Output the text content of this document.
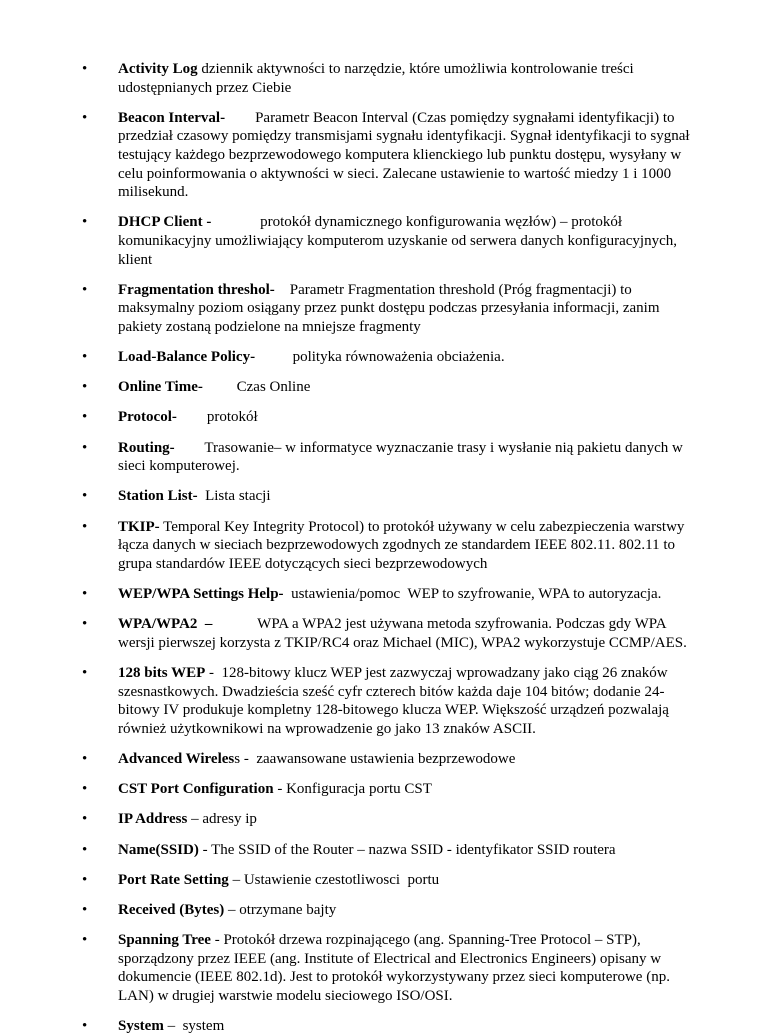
•	Activity Log dziennik aktywności to narzędzie, które umożliwia kontrolowanie treści udostępnianych przez Ciebie
•	Beacon Interval-        Parametr Beacon Interval (Czas pomiędzy sygnałami identyfikacji) to przedział czasowy pomiędzy transmisjami sygnału identyfikacji. Sygnał identyfikacji to sygnał testujący każdego bezprzewodowego komputera klienckiego lub punktu dostępu, wysyłany w celu poinformowania o aktywności w sieci. Zalecane ustawienie to wartość miedzy 1 i 1000 milisekund.
•	DHCP Client -             protokół dynamicznego konfigurowania węzłów) – protokół komunikacyjny umożliwiający komputerom uzyskanie od serwera danych konfiguracyjnych, klient
•	Fragmentation threshol-    Parametr Fragmentation threshold (Próg fragmentacji) to maksymalny poziom osiągany przez punkt dostępu podczas przesyłania informacji, zanim pakiety zostaną podzielone na mniejsze fragmenty
•	Load-Balance Policy-          polityka równoważenia obciażenia.
•	Online Time-         Czas Online
•	Protocol-        protokół
•	Routing-        Trasowanie– w informatyce wyznaczanie trasy i wysłanie nią pakietu danych w sieci komputerowej.
•	Station List-  Lista stacji
•	TKIP- Temporal Key Integrity Protocol) to protokół używany w celu zabezpieczenia warstwy łącza danych w sieciach bezprzewodowych zgodnych ze standardem IEEE 802.11. 802.11 to grupa standardów IEEE dotyczących sieci bezprzewodowych
•	WEP/WPA Settings Help-  ustawienia/pomoc  WEP to szyfrowanie, WPA to autoryzacja.
•	WPA/WPA2  –            WPA a WPA2 jest używana metoda szyfrowania. Podczas gdy WPA wersji pierwszej korzysta z TKIP/RC4 oraz Michael (MIC), WPA2 wykorzystuje CCMP/AES.
•	128 bits WEP -  128-bitowy klucz WEP jest zazwyczaj wprowadzany jako ciąg 26 znaków szesnastkowych. Dwadzieścia sześć cyfr czterech bitów każda daje 104 bitów; dodanie 24-bitowy IV produkuje kompletny 128-bitowego klucza WEP. Większość urządzeń pozwalają również użytkownikowi na wprowadzenie go jako 13 znaków ASCII.
•	Advanced Wireless -  zaawansowane ustawienia bezprzewodowe
•	CST Port Configuration - Konfiguracja portu CST
•	IP Address – adresy ip
•	Name(SSID) - The SSID of the Router – nazwa SSID - identyfikator SSID routera
•	Port Rate Setting – Ustawienie czestotliwosci  portu
•	Received (Bytes) – otrzymane bajty
•	Spanning Tree - Protokół drzewa rozpinającego (ang. Spanning-Tree Protocol – STP), sporządzony przez IEEE (ang. Institute of Electrical and Electronics Engineers) opisany w dokumencie (IEEE 802.1d). Jest to protokół wykorzystywany przez sieci komputerowe (np. LAN) w drugiej warstwie modelu sieciowego ISO/OSI.
•	System –  system
